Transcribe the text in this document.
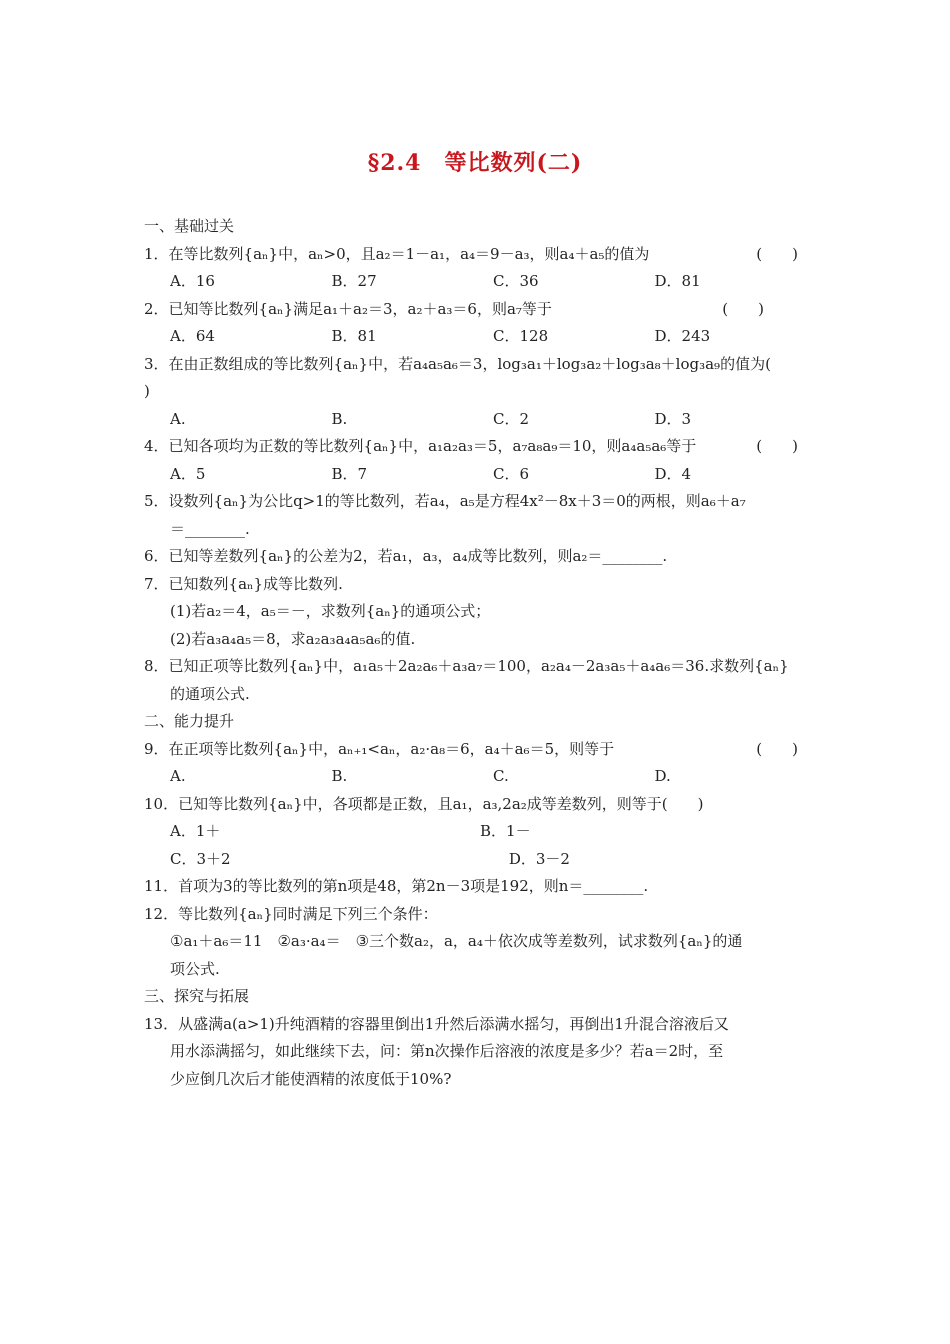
§2.4　等比数列(二)
一、基础过关
1．在等比数列{aₙ}中，aₙ>0，且a₂＝1－a₁，a₄＝9－a₃，则a₄＋a₅的值为	(　　)
A．16	B．27	C．36	D．81
2．已知等比数列{aₙ}满足a₁＋a₂＝3，a₂＋a₃＝6，则a₇等于	(　　)
A．64	B．81	C．128	D．243
3．在由正数组成的等比数列{aₙ}中，若a₄a₅a₆＝3，log₃a₁＋log₃a₂＋log₃a₈＋log₃a₉的值为(
)
A.	B.	C．2	D．3
4．已知各项均为正数的等比数列{aₙ}中，a₁a₂a₃＝5，a₇a₈a₉＝10，则a₄a₅a₆等于	(　　)
A．5	B．7	C．6	D．4
5．设数列{aₙ}为公比q>1的等比数列，若a₄，a₅是方程4x²－8x＋3＝0的两根，则a₆＋a₇
＝________.
6．已知等差数列{aₙ}的公差为2，若a₁，a₃，a₄成等比数列，则a₂＝________.
7．已知数列{aₙ}成等比数列.
(1)若a₂＝4，a₅＝－，求数列{aₙ}的通项公式；
(2)若a₃a₄a₅＝8，求a₂a₃a₄a₅a₆的值.
8．已知正项等比数列{aₙ}中，a₁a₅＋2a₂a₆＋a₃a₇＝100，a₂a₄－2a₃a₅＋a₄a₆＝36.求数列{aₙ}
的通项公式.
二、能力提升
9．在正项等比数列{aₙ}中，aₙ₊₁<aₙ，a₂·a₈＝6，a₄＋a₆＝5，则等于	(　　)
A.	B.	C.	D.
10．已知等比数列{aₙ}中，各项都是正数，且a₁，a₃,2a₂成等差数列，则等于(　　)
A．1＋	B．1－
C．3＋2	D．3－2
11．首项为3的等比数列的第n项是48，第2n－3项是192，则n＝________.
12．等比数列{aₙ}同时满足下列三个条件：
①a₁＋a₆＝11　②a₃·a₄＝　③三个数a₂，a，a₄＋依次成等差数列，试求数列{aₙ}的通
项公式.
三、探究与拓展
13．从盛满a(a>1)升纯酒精的容器里倒出1升然后添满水摇匀，再倒出1升混合溶液后又
用水添满摇匀，如此继续下去，问：第n次操作后溶液的浓度是多少？若a＝2时，至
少应倒几次后才能使酒精的浓度低于10%?
